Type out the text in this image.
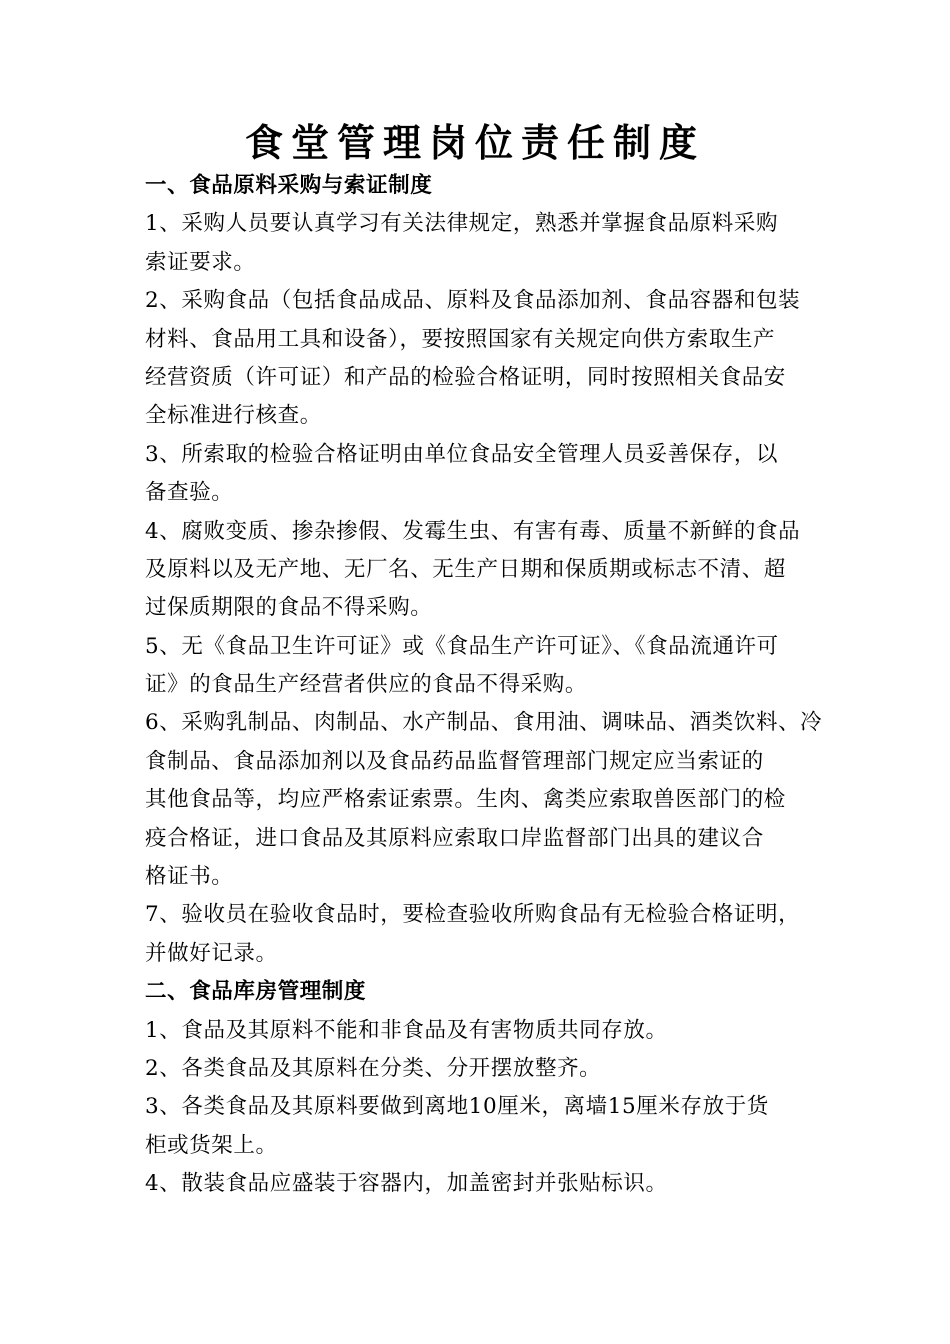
食堂管理岗位责任制度
一、食品原料采购与索证制度
1、采购人员要认真学习有关法律规定，熟悉并掌握食品原料采购
索证要求。
2、采购食品（包括食品成品、原料及食品添加剂、食品容器和包装
材料、食品用工具和设备），要按照国家有关规定向供方索取生产
经营资质（许可证）和产品的检验合格证明，同时按照相关食品安
全标准进行核查。
3、所索取的检验合格证明由单位食品安全管理人员妥善保存，以
备查验。
4、腐败变质、掺杂掺假、发霉生虫、有害有毒、质量不新鲜的食品
及原料以及无产地、无厂名、无生产日期和保质期或标志不清、超
过保质期限的食品不得采购。
5、无《食品卫生许可证》或《食品生产许可证》、《食品流通许可
证》的食品生产经营者供应的食品不得采购。
6、采购乳制品、肉制品、水产制品、食用油、调味品、酒类饮料、冷
食制品、食品添加剂以及食品药品监督管理部门规定应当索证的
其他食品等，均应严格索证索票。生肉、禽类应索取兽医部门的检
疫合格证，进口食品及其原料应索取口岸监督部门出具的建议合
格证书。
7、验收员在验收食品时，要检查验收所购食品有无检验合格证明，
并做好记录。
二、食品库房管理制度
1、食品及其原料不能和非食品及有害物质共同存放。
2、各类食品及其原料在分类、分开摆放整齐。
3、各类食品及其原料要做到离地10厘米，离墙15厘米存放于货
柜或货架上。
4、散装食品应盛装于容器内，加盖密封并张贴标识。
